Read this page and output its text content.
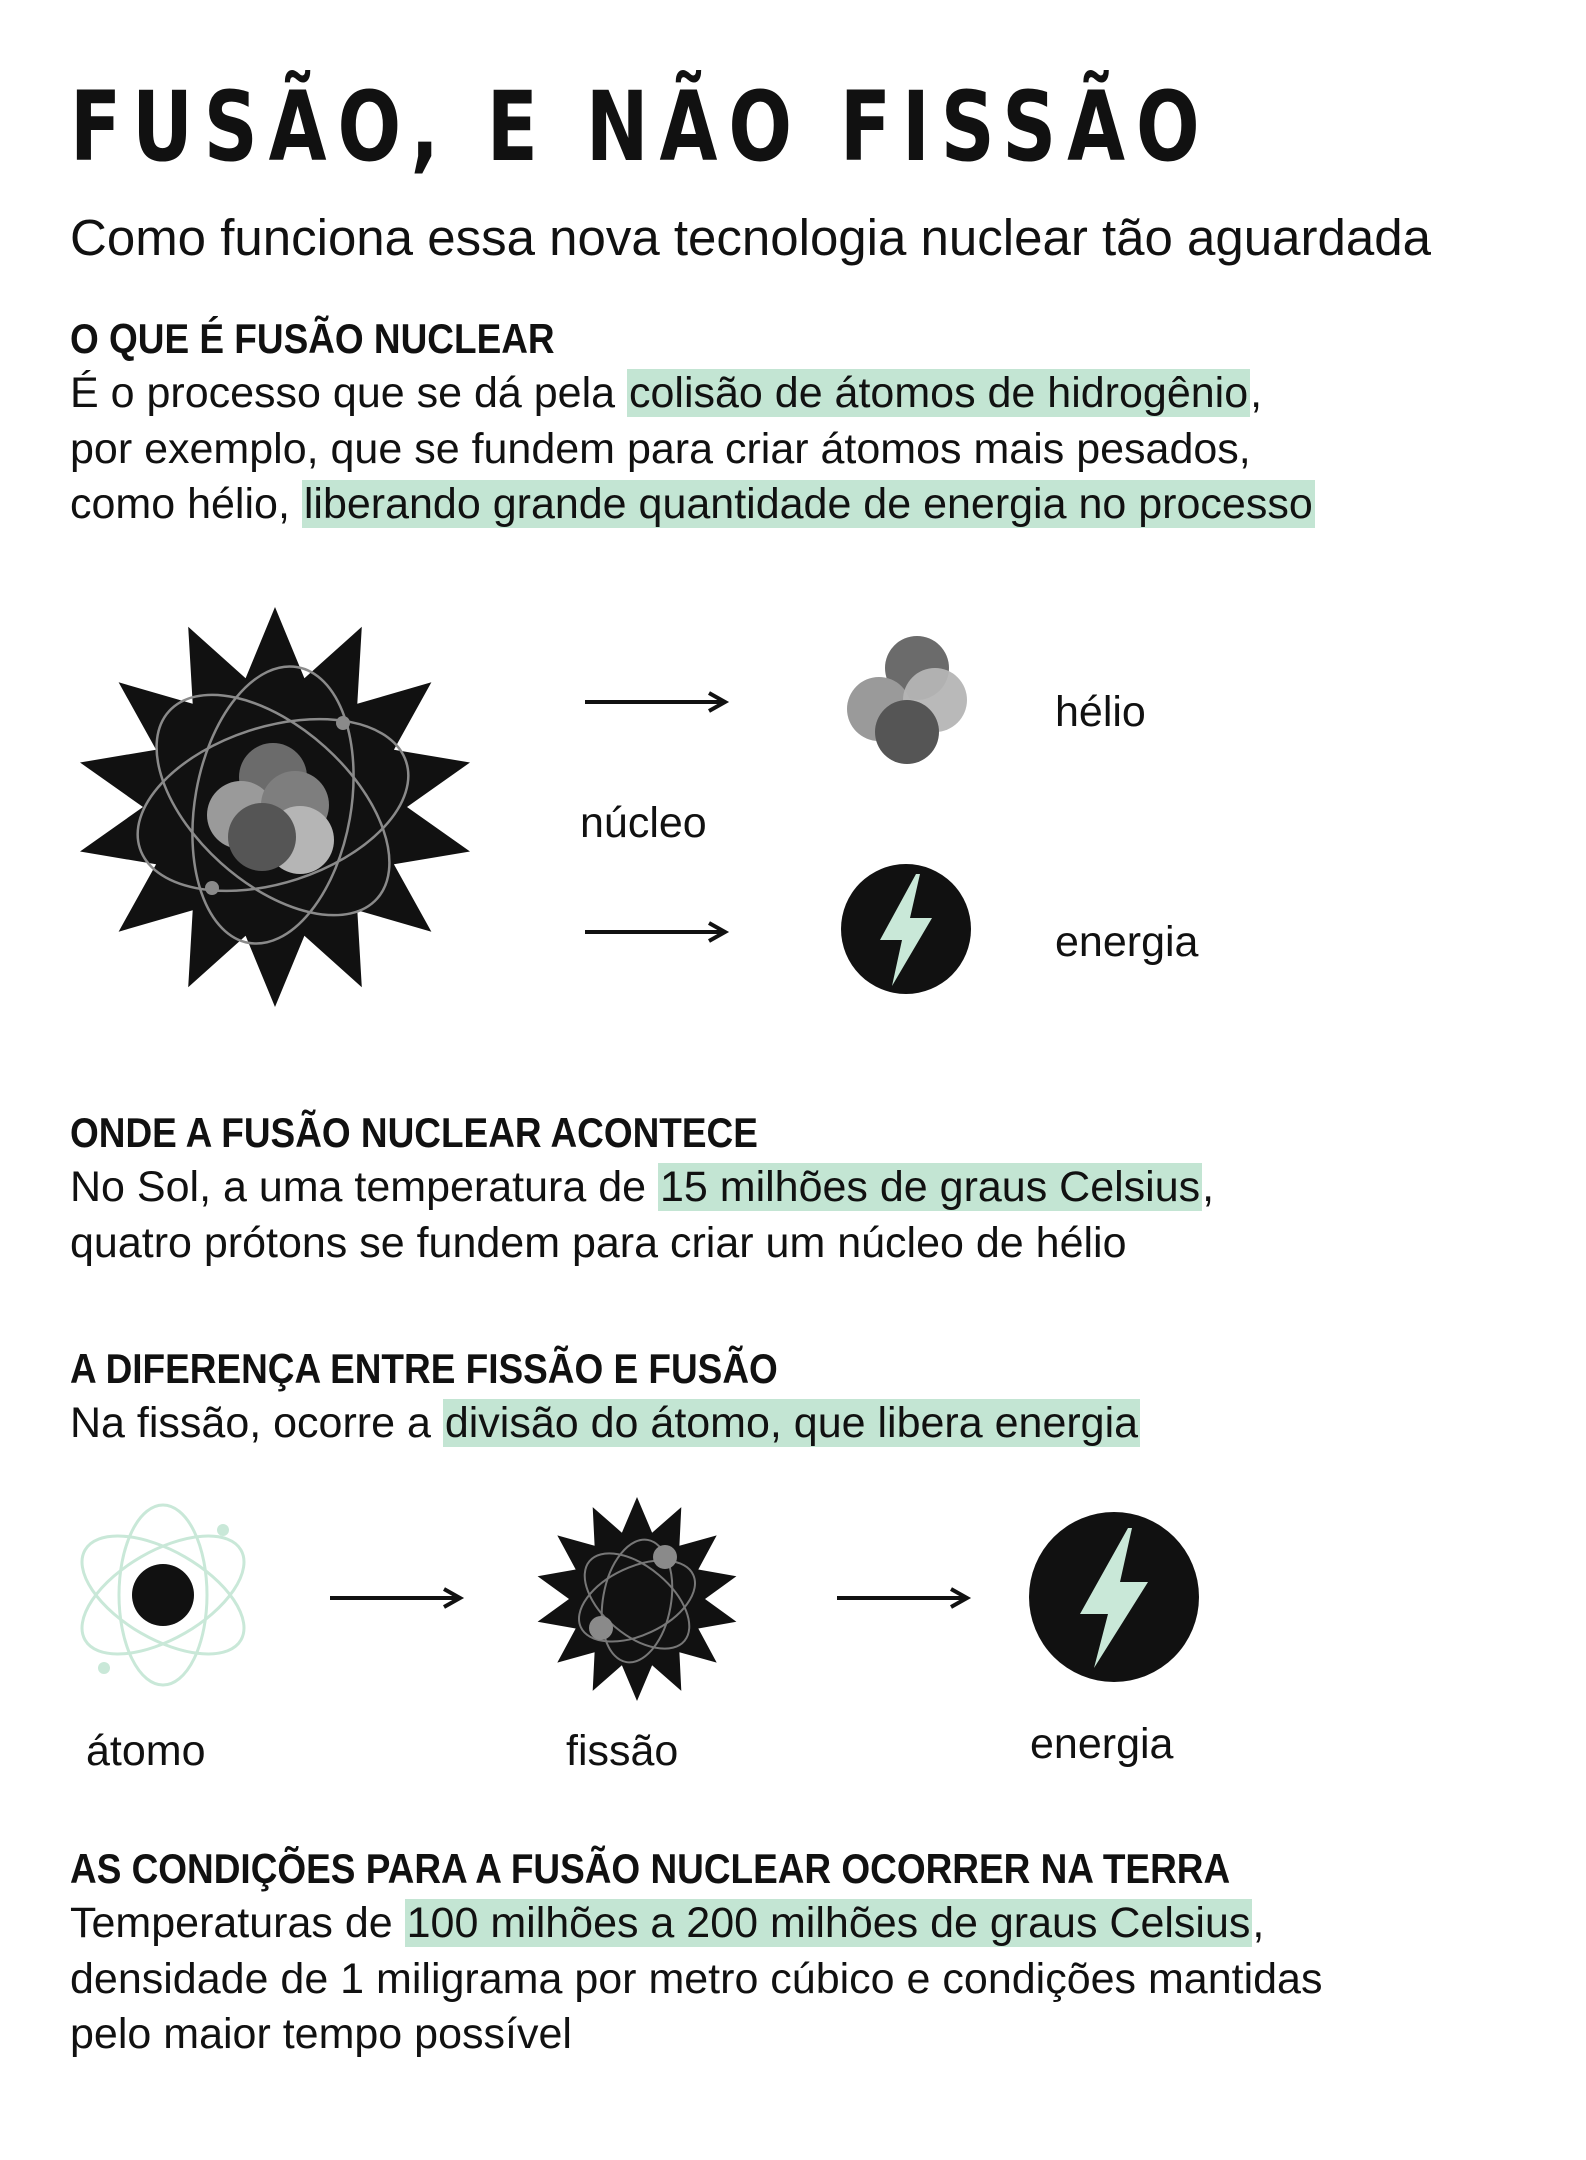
FUSÃO, E NÃO FISSÃO
Como funciona essa nova tecnologia nuclear tão aguardada
O QUE É FUSÃO NUCLEAR
É o processo que se dá pela colisão de átomos de hidrogênio,
por exemplo, que se fundem para criar átomos mais pesados,
como hélio, liberando grande quantidade de energia no processo
hélio
núcleo
energia
ONDE A FUSÃO NUCLEAR ACONTECE
No Sol, a uma temperatura de 15 milhões de graus Celsius,
quatro prótons se fundem para criar um núcleo de hélio
A DIFERENÇA ENTRE FISSÃO E FUSÃO
Na fissão, ocorre a divisão do átomo, que libera energia
átomo	fissão	energia
AS CONDIÇÕES PARA A FUSÃO NUCLEAR OCORRER NA TERRA
Temperaturas de 100 milhões a 200 milhões de graus Celsius,
densidade de 1 miligrama por metro cúbico e condições mantidas
pelo maior tempo possível
